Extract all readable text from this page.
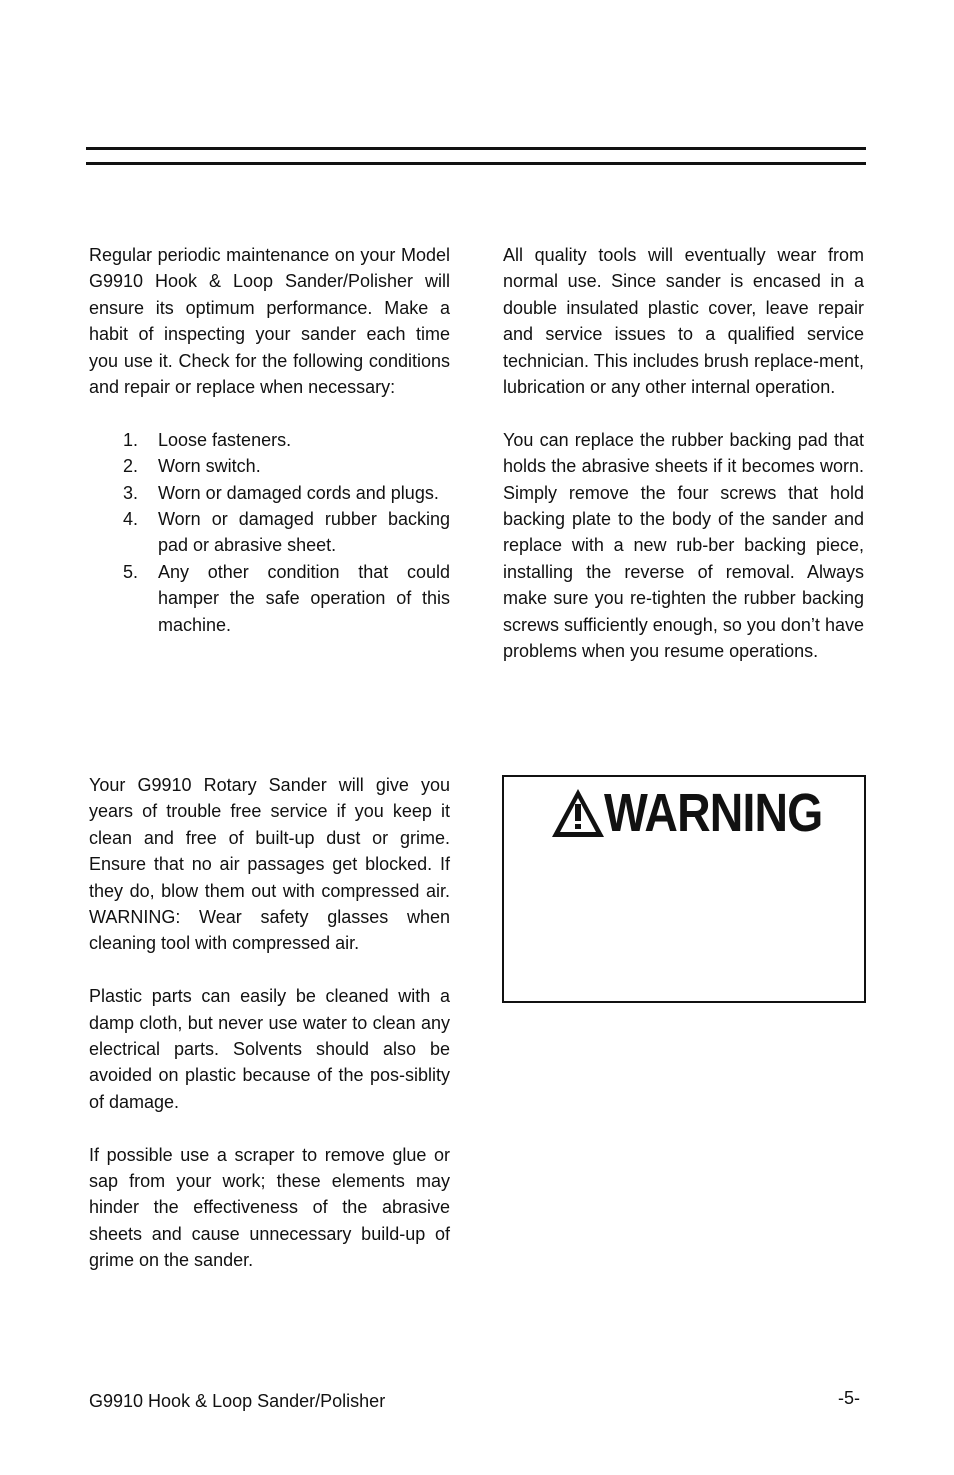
Regular periodic maintenance on your Model G9910 Hook & Loop Sander/Polisher will ensure its optimum performance. Make a habit of inspecting your sander each time you use it. Check for the following conditions and repair or replace when necessary:

1. Loose fasteners.
2. Worn switch.
3. Worn or damaged cords and plugs.
4. Worn or damaged rubber backing pad or abrasive sheet.
5. Any other condition that could hamper the safe operation of this machine.

Your G9910 Rotary Sander will give you years of trouble free service if you keep it clean and free of built-up dust or grime. Ensure that no air passages get blocked. If they do, blow them out with compressed air. WARNING: Wear safety glasses when cleaning tool with compressed air.

Plastic parts can easily be cleaned with a damp cloth, but never use water to clean any electrical parts. Solvents should also be avoided on plastic because of the pos-siblity of damage.

If possible use a scraper to remove glue or sap from your work; these elements may hinder the effectiveness of the abrasive sheets and cause unnecessary build-up of grime on the sander.

All quality tools will eventually wear from normal use. Since sander is encased in a double insulated plastic cover, leave repair and service issues to a qualified service technician. This includes brush replace-ment, lubrication or any other internal operation.

You can replace the rubber backing pad that holds the abrasive sheets if it becomes worn. Simply remove the four screws that hold backing plate to the body of the sander and replace with a new rub-ber backing piece, installing the reverse of removal. Always make sure you re-tighten the rubber backing screws sufficiently enough, so you don’t have problems when you resume operations.

WARNING
G9910 Hook & Loop Sander/Polisher	-5-
